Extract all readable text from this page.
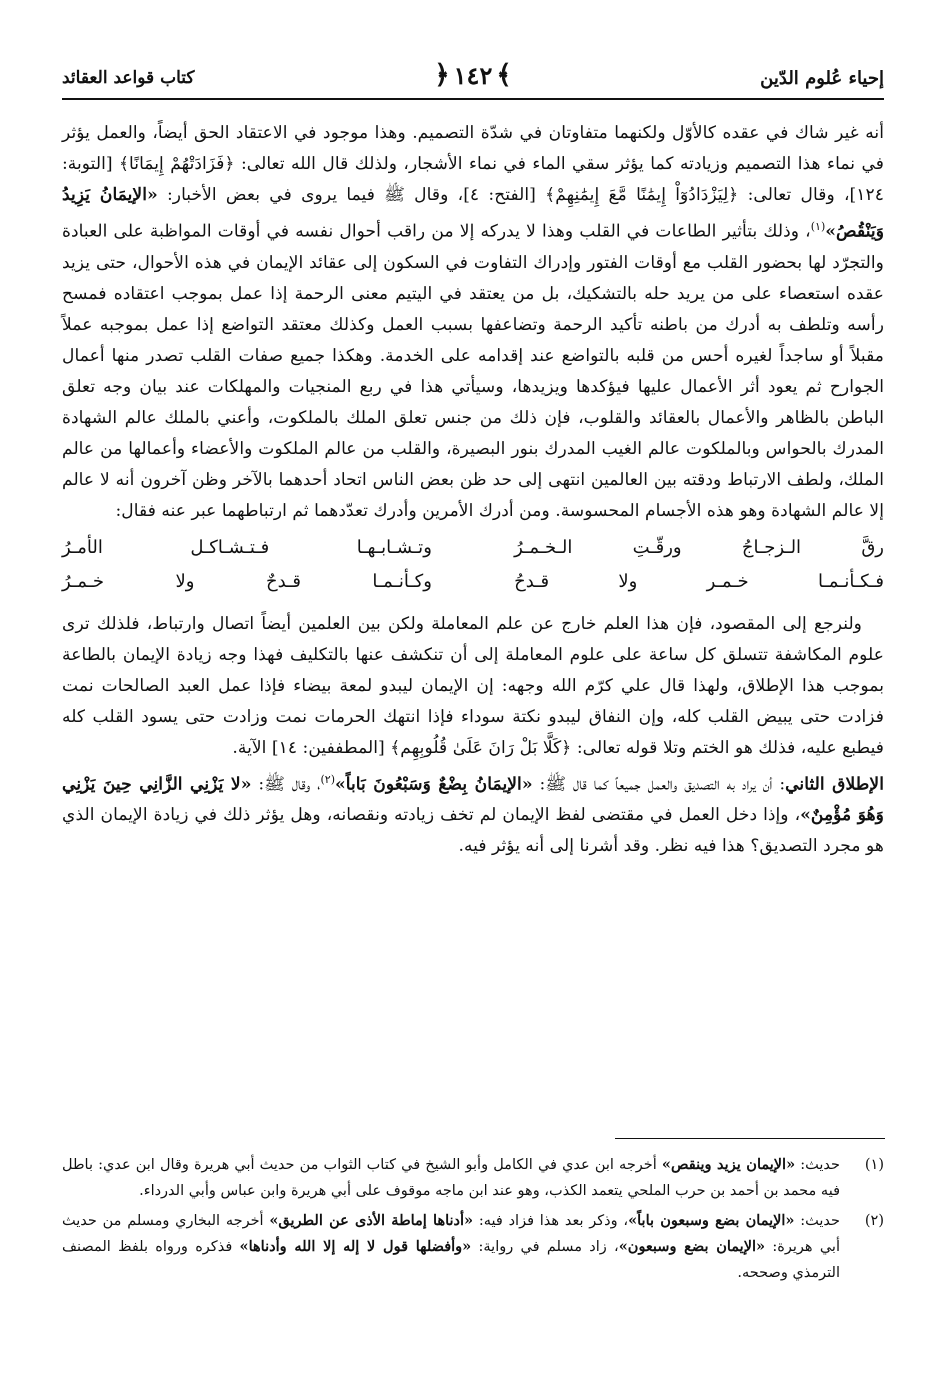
إحياء عُلوم الدّين
﴾
١٤٢
﴿
كتاب قواعد العقائد

أنه غير شاك في عقده كالأوّل ولكنهما متفاوتان في شدّة التصميم. وهذا موجود في الاعتقاد الحق أيضاً، والعمل يؤثر في نماء هذا التصميم وزيادته كما يؤثر سقي الماء في نماء الأشجار، ولذلك قال الله تعالى: ﴿فَزَادَتْهُمْ إِيمَانًا﴾ [التوبة: ١٢٤]، وقال تعالى: ﴿لِيَزْدَادُوٓاْ إِيمَٰنًا مَّعَ إِيمَٰنِهِمْ﴾ [الفتح: ٤]، وقال ﷺ فيما يروى في بعض الأخبار: «الإيمَانُ يَزِيدُ وَيَنْقُصُ»$^{(١)}$، وذلك بتأثير الطاعات في القلب وهذا لا يدركه إلا من راقب أحوال نفسه في أوقات المواظبة على العبادة والتجرّد لها بحضور القلب مع أوقات الفتور وإدراك التفاوت في السكون إلى عقائد الإيمان في هذه الأحوال، حتى يزيد عقده استعصاء على من يريد حله بالتشكيك، بل من يعتقد في اليتيم معنى الرحمة إذا عمل بموجب اعتقاده فمسح رأسه وتلطف به أدرك من باطنه تأكيد الرحمة وتضاعفها بسبب العمل وكذلك معتقد التواضع إذا عمل بموجبه عملاً مقبلاً أو ساجداً لغيره أحس من قلبه بالتواضع عند إقدامه على الخدمة. وهكذا جميع صفات القلب تصدر منها أعمال الجوارح ثم يعود أثر الأعمال عليها فيؤكدها ويزيدها، وسيأتي هذا في ربع المنجيات والمهلكات عند بيان وجه تعلق الباطن بالظاهر والأعمال بالعقائد والقلوب، فإن ذلك من جنس تعلق الملك بالملكوت، وأعني بالملك عالم الشهادة المدرك بالحواس وبالملكوت عالم الغيب المدرك بنور البصيرة، والقلب من عالم الملكوت والأعضاء وأعمالها من عالم الملك، ولطف الارتباط ودقته بين العالمين انتهى إلى حد ظن بعض الناس اتحاد أحدهما بالآخر وظن آخرون أنه لا عالم إلا عالم الشهادة وهو هذه الأجسام المحسوسة. ومن أدرك الأمرين وأدرك تعدّدهما ثم ارتباطهما عبر عنه فقال:

رقَّ الـزجـاجُ ورقّـتِ الـخـمـرُ
وتـشـابـهـا فـتـشـاكـل الأمـرُ
فـكـأنـمـا خـمـر ولا قـدحُ
وكـأنـمـا قـدحٌ ولا خـمـرُ

ولنرجع إلى المقصود، فإن هذا العلم خارج عن علم المعاملة ولكن بين العلمين أيضاً اتصال وارتباط، فلذلك ترى علوم المكاشفة تتسلق كل ساعة على علوم المعاملة إلى أن تنكشف عنها بالتكليف فهذا وجه زيادة الإيمان بالطاعة بموجب هذا الإطلاق، ولهذا قال علي كرّم الله وجهه: إن الإيمان ليبدو لمعة بيضاء فإذا عمل العبد الصالحات نمت فزادت حتى يبيض القلب كله، وإن النفاق ليبدو نكتة سوداء فإذا انتهك الحرمات نمت وزادت حتى يسود القلب كله فيطبع عليه، فذلك هو الختم وتلا قوله تعالى: ﴿كَلَّا بَلْ رَانَ عَلَىٰ قُلُوبِهِم﴾ [المطففين: ١٤] الآية.

الإطلاق الثاني: أن يراد به التصديق والعمل جميعاً كما قال ﷺ: «الإيمَانُ بِضْعٌ وَسَبْعُونَ بَاباً»$^{(٢)}$، وقال ﷺ: «لا يَزْنِي الزَّانِي حِينَ يَزْنِي وَهُوَ مُؤْمِنٌ»، وإذا دخل العمل في مقتضى لفظ الإيمان لم تخف زيادته ونقصانه، وهل يؤثر ذلك في زيادة الإيمان الذي هو مجرد التصديق؟ هذا فيه نظر. وقد أشرنا إلى أنه يؤثر فيه.

(١)
حديث: «الإيمان يزيد وينقص» أخرجه ابن عدي في الكامل وأبو الشيخ في كتاب الثواب من حديث أبي هريرة وقال ابن عدي: باطل فيه محمد بن أحمد بن حرب الملحي يتعمد الكذب، وهو عند ابن ماجه موقوف على أبي هريرة وابن عباس وأبي الدرداء.
(٢)
حديث: «الإيمان بضع وسبعون باباً»، وذكر بعد هذا فزاد فيه: «أدناها إماطة الأذى عن الطريق» أخرجه البخاري ومسلم من حديث أبي هريرة: «الإيمان بضع وسبعون»، زاد مسلم في رواية: «وأفضلها قول لا إله إلا الله وأدناها» فذكره ورواه بلفظ المصنف الترمذي وصححه.
